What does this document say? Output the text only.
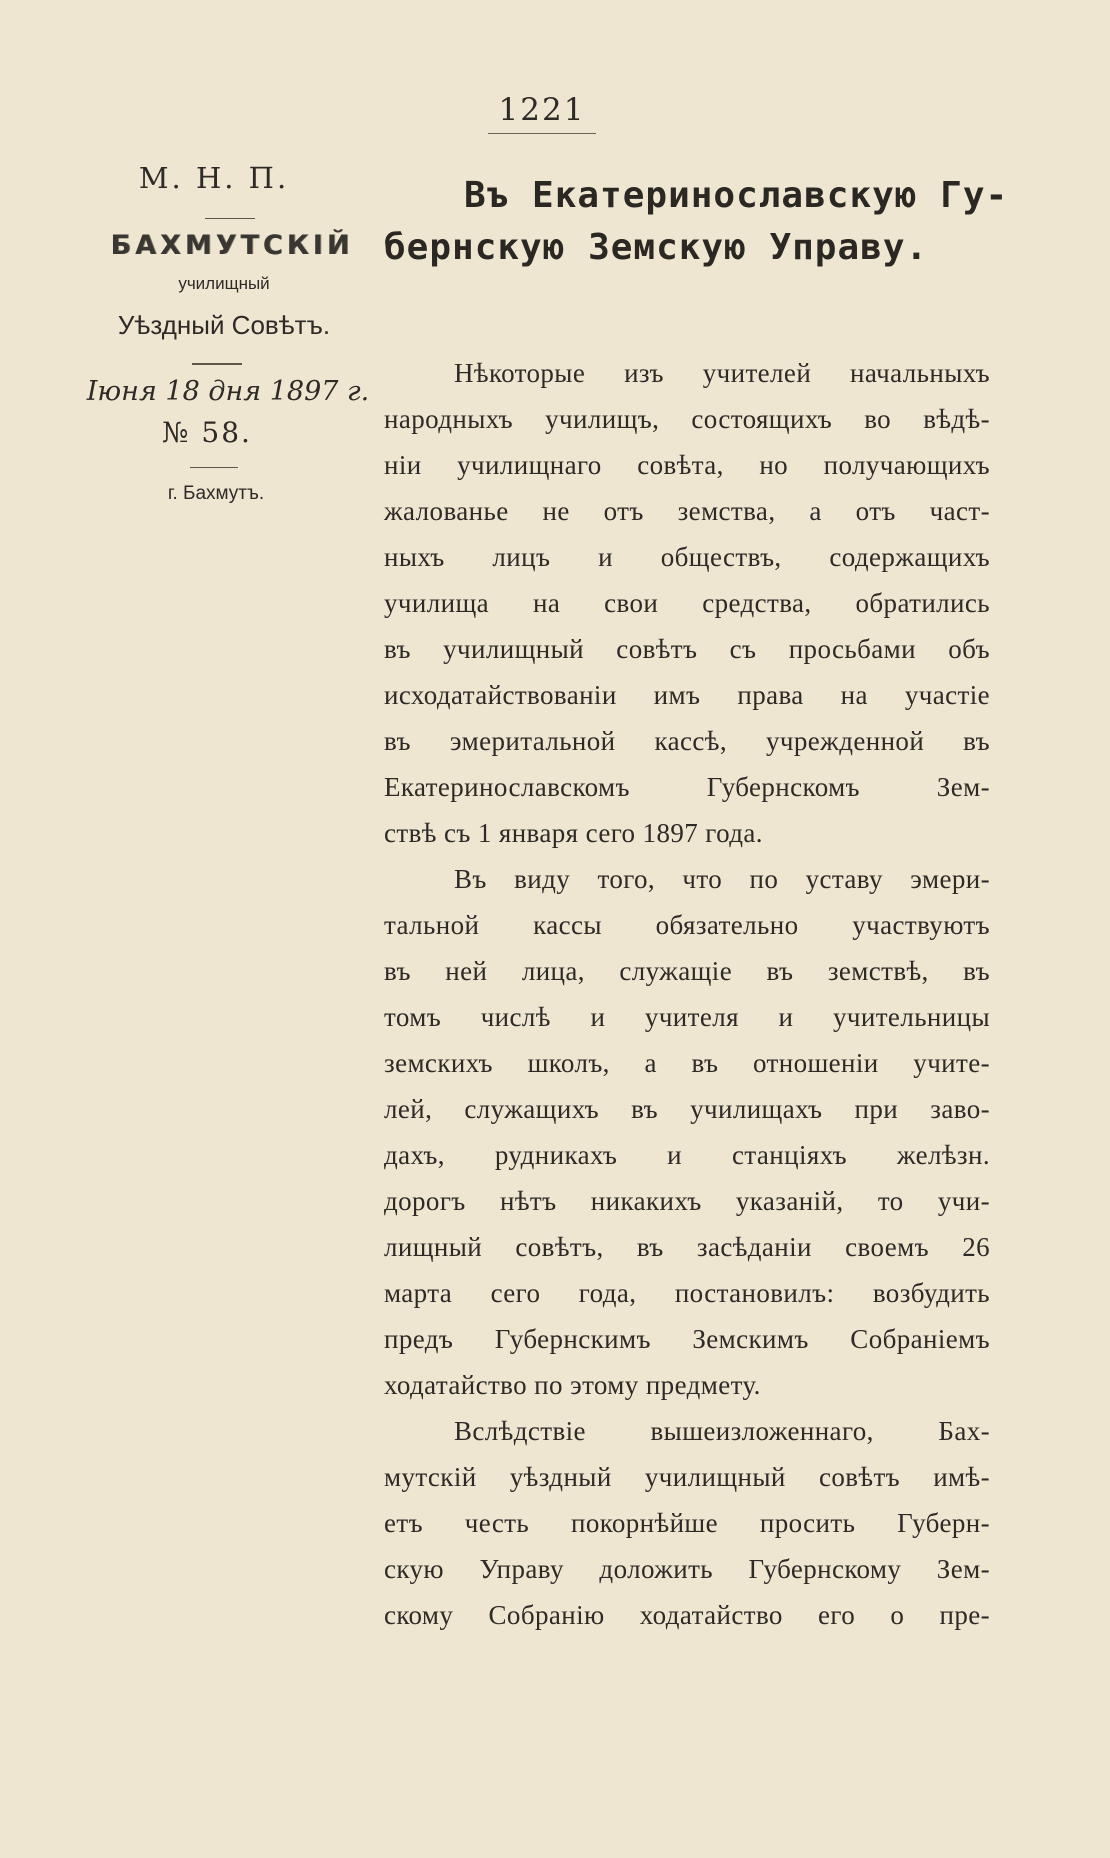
1221
М. Н. П.
БАХМУТСКІЙ
училищный
Уѣздный Совѣтъ.
Іюня 18 дня 1897 г.
№ 58.
г. Бахмутъ.
Въ Екатеринославскую Гу-
бернскую Земскую Управу.
Нѣкоторые изъ учителей начальныхъ
народныхъ училищъ, состоящихъ во вѣдѣ-
ніи училищнаго совѣта, но получающихъ
жалованье не отъ земства, а отъ част-
ныхъ лицъ и обществъ, содержащихъ
училища на свои средства, обратились
въ училищный совѣтъ съ просьбами объ
исходатайствованіи имъ права на участіе
въ эмеритальной кассѣ, учрежденной въ
Екатеринославскомъ Губернскомъ Зем-
ствѣ съ 1 января сего 1897 года.
Въ виду того, что по уставу эмери-
тальной кассы обязательно участвуютъ
въ ней лица, служащіе въ земствѣ, въ
томъ числѣ и учителя и учительницы
земскихъ школъ, а въ отношеніи учите-
лей, служащихъ въ училищахъ при заво-
дахъ, рудникахъ и станціяхъ желѣзн.
дорогъ нѣтъ никакихъ указаній, то учи-
лищный совѣтъ, въ засѣданіи своемъ 26
марта сего года, постановилъ: возбудить
предъ Губернскимъ Земскимъ Собраніемъ
ходатайство по этому предмету.
Вслѣдствіе вышеизложеннаго, Бах-
мутскій уѣздный училищный совѣтъ имѣ-
етъ честь покорнѣйше просить Губерн-
скую Управу доложить Губернскому Зем-
скому Собранію ходатайство его о пре-
